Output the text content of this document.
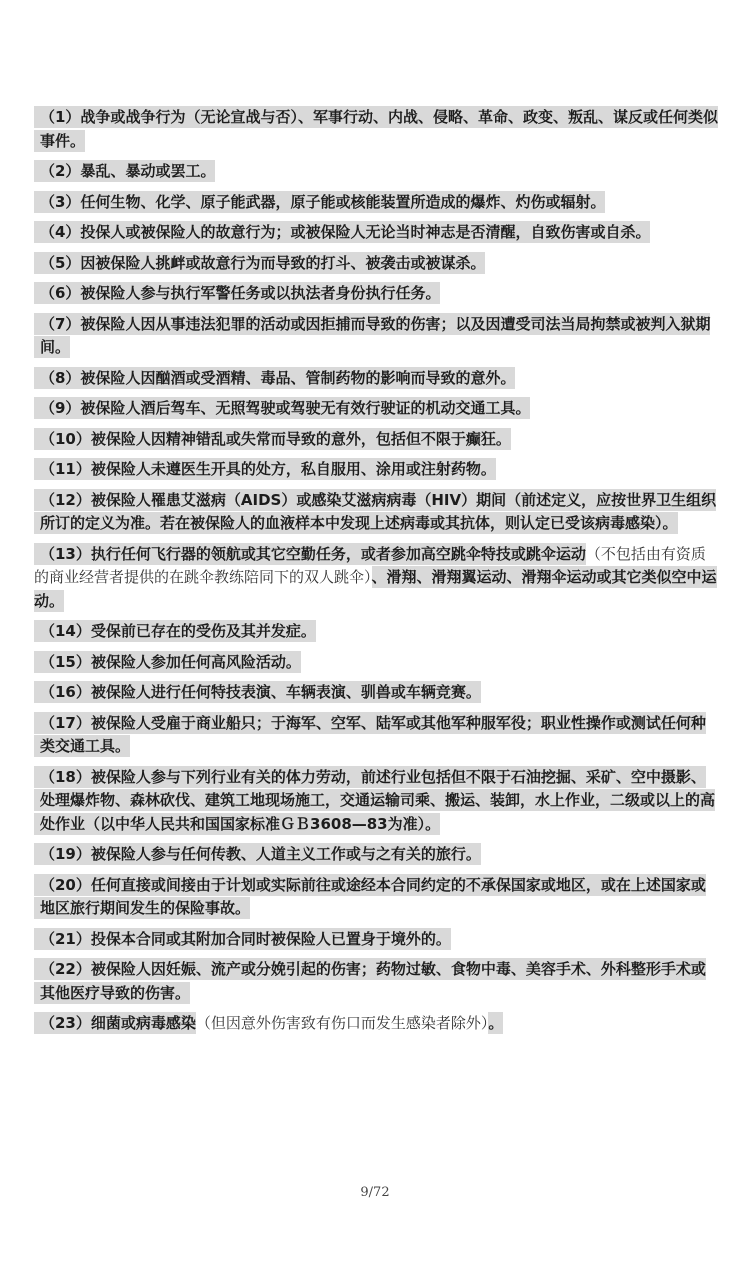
（1）战争或战争行为（无论宣战与否）、军事行动、内战、侵略、革命、政变、叛乱、谋反或任何类似事件。

（2）暴乱、暴动或罢工。

（3）任何生物、化学、原子能武器，原子能或核能装置所造成的爆炸、灼伤或辐射。

（4）投保人或被保险人的故意行为；或被保险人无论当时神志是否清醒，自致伤害或自杀。

（5）因被保险人挑衅或故意行为而导致的打斗、被袭击或被谋杀。

（6）被保险人参与执行军警任务或以执法者身份执行任务。

（7）被保险人因从事违法犯罪的活动或因拒捕而导致的伤害；以及因遭受司法当局拘禁或被判入狱期间。

（8）被保险人因酗酒或受酒精、毒品、管制药物的影响而导致的意外。

（9）被保险人酒后驾车、无照驾驶或驾驶无有效行驶证的机动交通工具。

（10）被保险人因精神错乱或失常而导致的意外，包括但不限于癫狂。

（11）被保险人未遵医生开具的处方，私自服用、涂用或注射药物。

（12）被保险人罹患艾滋病（AIDS）或感染艾滋病病毒（HIV）期间（前述定义，应按世界卫生组织所订的定义为准。若在被保险人的血液样本中发现上述病毒或其抗体，则认定已受该病毒感染）。

（13）执行任何飞行器的领航或其它空勤任务，或者参加高空跳伞特技或跳伞运动（不包括由有资质的商业经营者提供的在跳伞教练陪同下的双人跳伞）、滑翔、滑翔翼运动、滑翔伞运动或其它类似空中运动。

（14）受保前已存在的受伤及其并发症。

（15）被保险人参加任何高风险活动。

（16）被保险人进行任何特技表演、车辆表演、驯兽或车辆竞赛。

（17）被保险人受雇于商业船只；于海军、空军、陆军或其他军种服军役；职业性操作或测试任何种类交通工具。

（18）被保险人参与下列行业有关的体力劳动，前述行业包括但不限于石油挖掘、采矿、空中摄影、处理爆炸物、森林砍伐、建筑工地现场施工，交通运输司乘、搬运、装卸，水上作业，二级或以上的高处作业（以中华人民共和国国家标准ＧＢ3608—83为准）。

（19）被保险人参与任何传教、人道主义工作或与之有关的旅行。

（20）任何直接或间接由于计划或实际前往或途经本合同约定的不承保国家或地区，或在上述国家或地区旅行期间发生的保险事故。

（21）投保本合同或其附加合同时被保险人已置身于境外的。

（22）被保险人因妊娠、流产或分娩引起的伤害；药物过敏、食物中毒、美容手术、外科整形手术或其他医疗导致的伤害。

（23）细菌或病毒感染（但因意外伤害致有伤口而发生感染者除外）。

9/72
